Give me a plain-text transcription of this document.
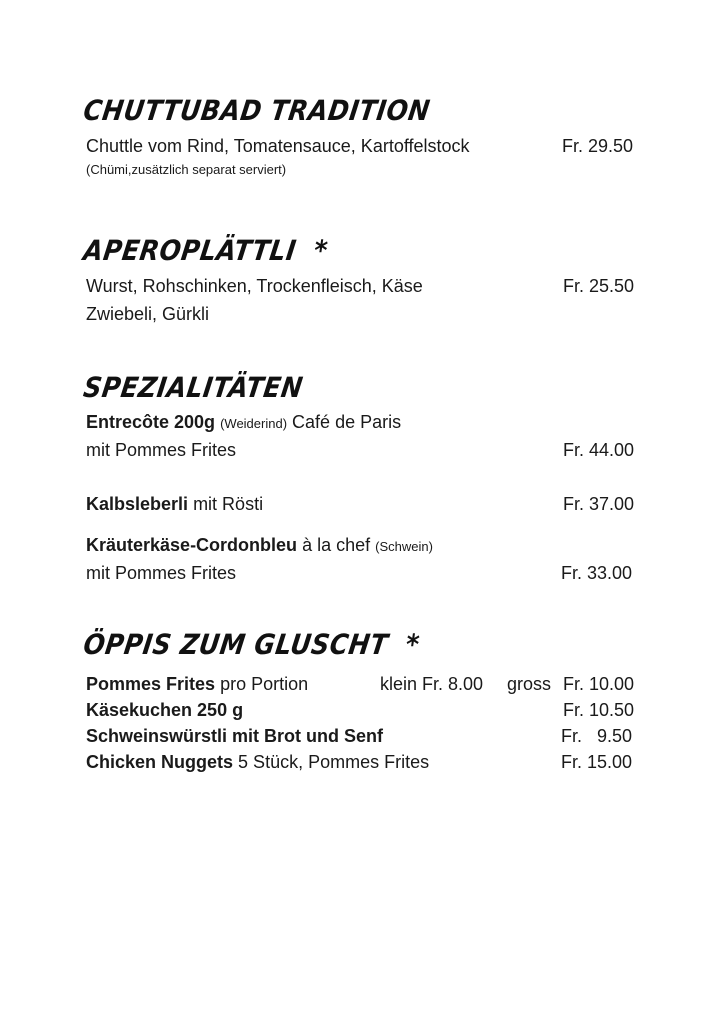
CHUTTUBAD TRADITION
Chuttle vom Rind, Tomatensauce, Kartoffelstock	Fr. 29.50
(Chümi,zusätzlich separat serviert)
APEROPLÄTTLI *
Wurst, Rohschinken, Trockenfleisch, Käse	Fr. 25.50
Zwiebeli, Gürkli
SPEZIALITÄTEN
Entrecôte 200g (Weiderind) Café de Paris
mit Pommes Frites	Fr. 44.00
Kalbsleberli mit Rösti	Fr. 37.00
Kräuterkäse-Cordonbleu à la chef (Schwein)
mit Pommes Frites	Fr. 33.00
ÖPPIS ZUM GLUSCHT *
Pommes Frites pro Portion	klein Fr. 8.00 gross Fr. 10.00
Käsekuchen 250 g	Fr. 10.50
Schweinswürstli mit Brot und Senf	Fr.   9.50
Chicken Nuggets 5 Stück, Pommes Frites	Fr. 15.00
